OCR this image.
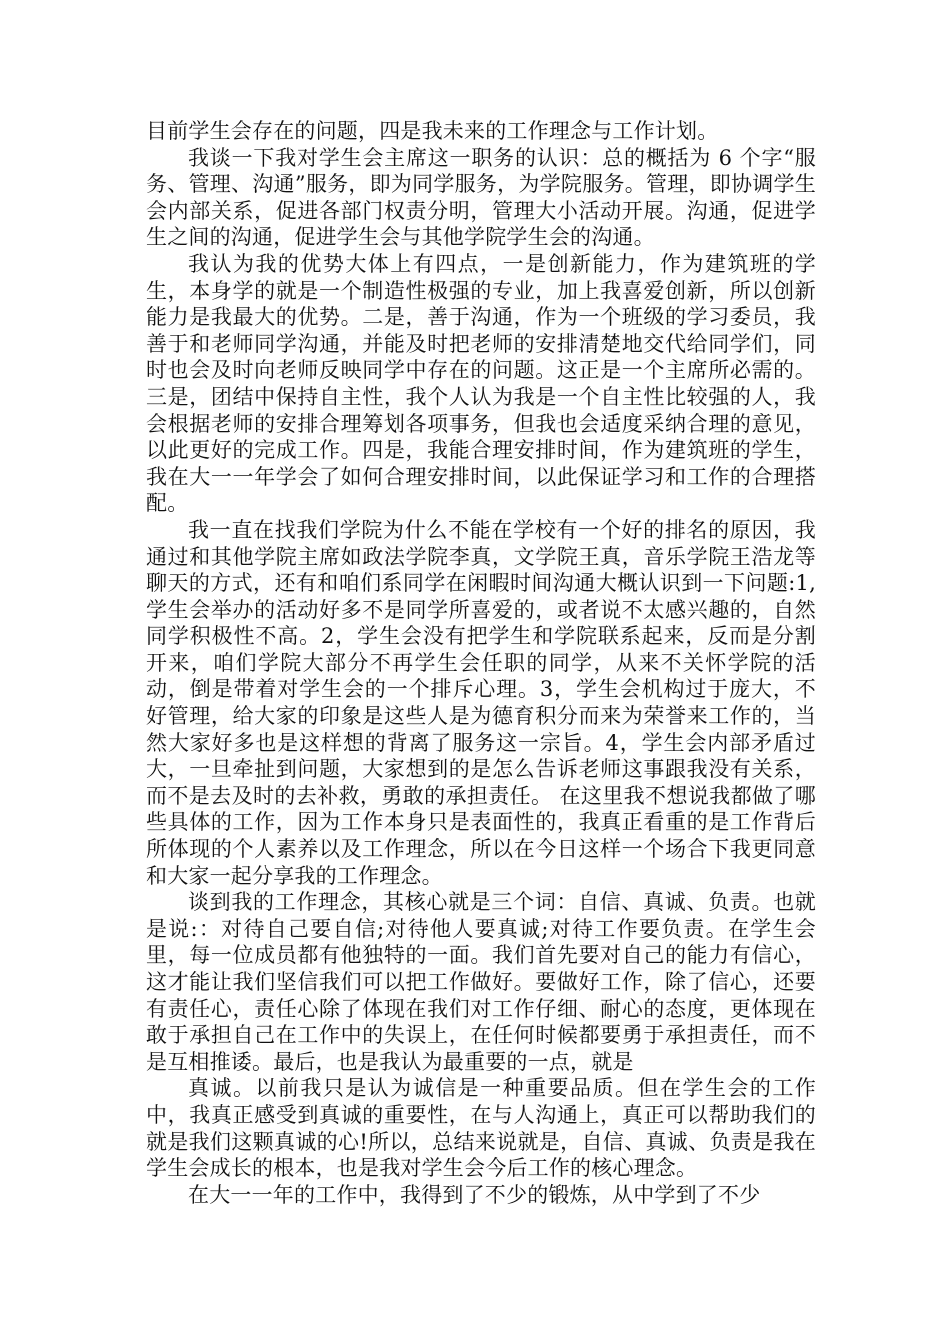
目前学生会存在的问题，四是我未来的工作理念与工作计划。

我谈一下我对学生会主席这一职务的认识：总的概括为 6 个字“服务、管理、沟通”服务，即为同学服务，为学院服务。管理，即协调学生会内部关系，促进各部门权责分明，管理大小活动开展。沟通，促进学生之间的沟通，促进学生会与其他学院学生会的沟通。

我认为我的优势大体上有四点，一是创新能力，作为建筑班的学生，本身学的就是一个制造性极强的专业，加上我喜爱创新，所以创新能力是我最大的优势。二是，善于沟通，作为一个班级的学习委员，我善于和老师同学沟通，并能及时把老师的安排清楚地交代给同学们，同时也会及时向老师反映同学中存在的问题。这正是一个主席所必需的。三是，团结中保持自主性，我个人认为我是一个自主性比较强的人，我会根据老师的安排合理筹划各项事务，但我也会适度采纳合理的意见，以此更好的完成工作。四是，我能合理安排时间，作为建筑班的学生，我在大一一年学会了如何合理安排时间，以此保证学习和工作的合理搭配。

我一直在找我们学院为什么不能在学校有一个好的排名的原因，我通过和其他学院主席如政法学院李真，文学院王真，音乐学院王浩龙等聊天的方式，还有和咱们系同学在闲暇时间沟通大概认识到一下问题:1,学生会举办的活动好多不是同学所喜爱的，或者说不太感兴趣的，自然同学积极性不高。2，学生会没有把学生和学院联系起来，反而是分割开来，咱们学院大部分不再学生会任职的同学，从来不关怀学院的活动，倒是带着对学生会的一个排斥心理。3，学生会机构过于庞大，不好管理，给大家的印象是这些人是为德育积分而来为荣誉来工作的，当然大家好多也是这样想的背离了服务这一宗旨。4，学生会内部矛盾过大，一旦牵扯到问题，大家想到的是怎么告诉老师这事跟我没有关系，而不是去及时的去补救，勇敢的承担责任。 在这里我不想说我都做了哪些具体的工作，因为工作本身只是表面性的，我真正看重的是工作背后所体现的个人素养以及工作理念，所以在今日这样一个场合下我更同意和大家一起分享我的工作理念。

谈到我的工作理念，其核心就是三个词：自信、真诚、负责。也就是说:：对待自己要自信;对待他人要真诚;对待工作要负责。在学生会里，每一位成员都有他独特的一面。我们首先要对自己的能力有信心，这才能让我们坚信我们可以把工作做好。要做好工作，除了信心，还要有责任心，责任心除了体现在我们对工作仔细、耐心的态度，更体现在敢于承担自己在工作中的失误上，在任何时候都要勇于承担责任，而不是互相推诿。最后，也是我认为最重要的一点，就是

真诚。以前我只是认为诚信是一种重要品质。但在学生会的工作中，我真正感受到真诚的重要性，在与人沟通上，真正可以帮助我们的就是我们这颗真诚的心!所以，总结来说就是，自信、真诚、负责是我在学生会成长的根本，也是我对学生会今后工作的核心理念。

在大一一年的工作中，我得到了不少的锻炼，从中学到了不少
